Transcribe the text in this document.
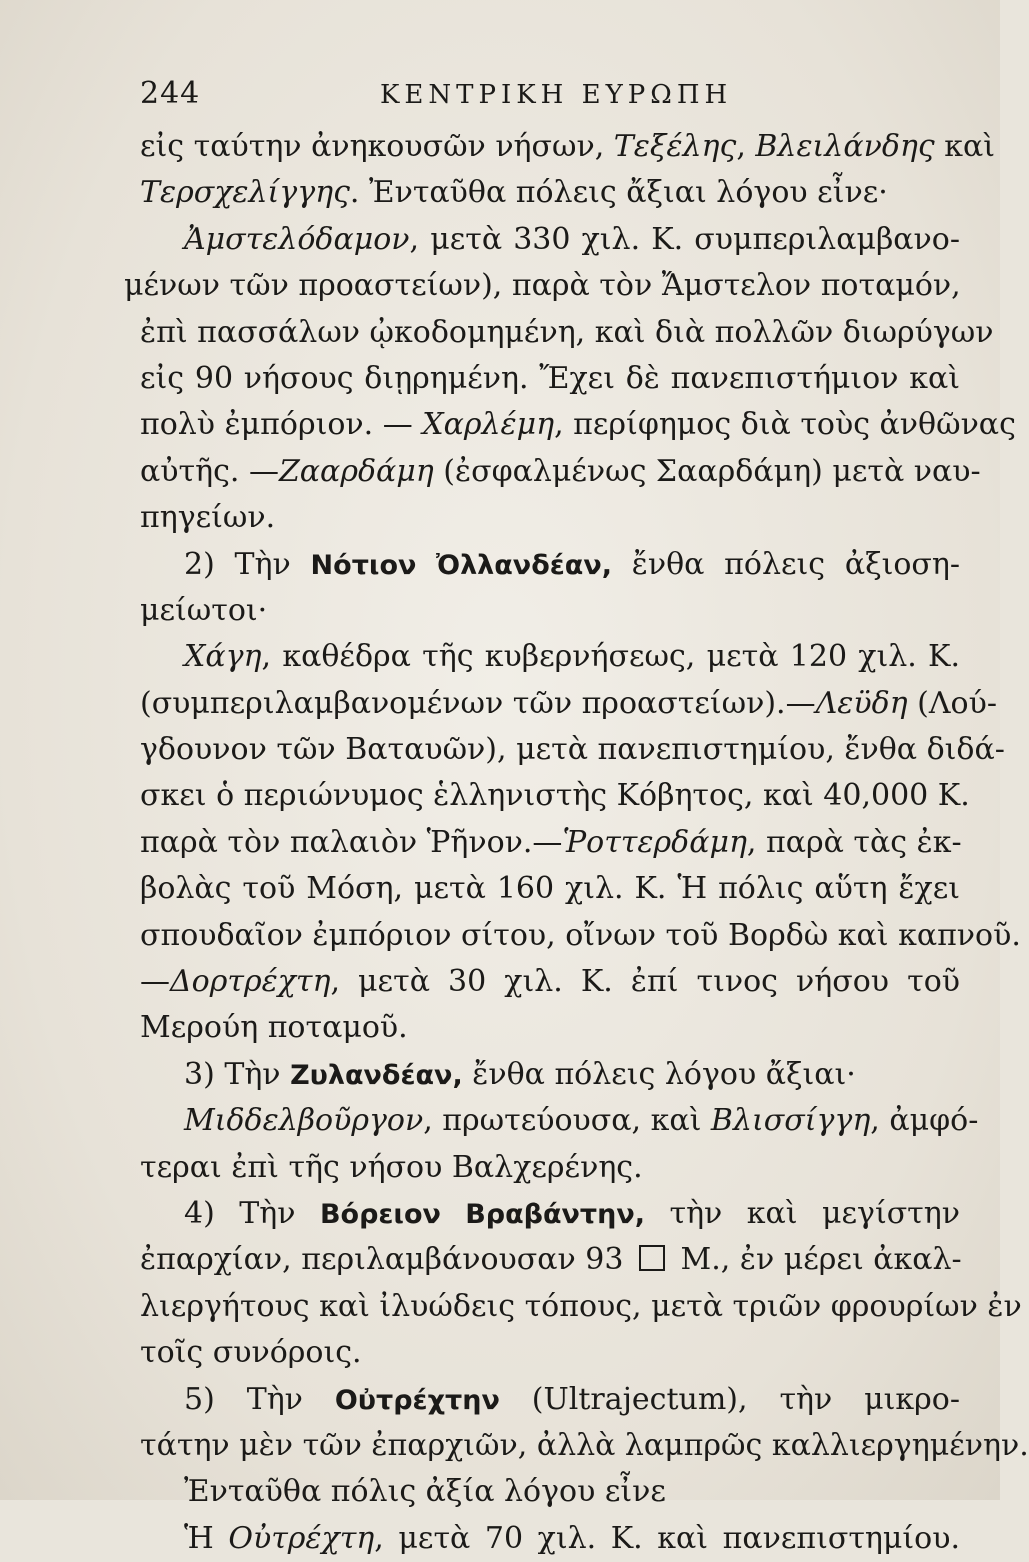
244	ΚΕΝΤΡΙΚΗ ΕΥΡΩΠΗ
εἰς ταύτην ἀνηκουσῶν νήσων, Τεξέλης, Βλειλάνδης καὶ
Τερσχελίγγης. Ἐνταῦθα πόλεις ἄξιαι λόγου εἶνε·
Ἀμστελόδαμον, μετὰ 330 χιλ. Κ. συμπεριλαμβανο-
μένων τῶν προαστείων), παρὰ τὸν Ἄμστελον ποταμόν,
ἐπὶ πασσάλων ᾠκοδομημένη, καὶ διὰ πολλῶν διωρύγων
εἰς 90 νήσους διῃρημένη. Ἔχει δὲ πανεπιστήμιον καὶ
πολὺ ἐμπόριον. — Χαρλέμη, περίφημος διὰ τοὺς ἀνθῶνας
αὐτῆς. —Ζααρδάμη (ἐσφαλμένως Σααρδάμη) μετὰ ναυ-
πηγείων.
2) Τὴν Νότιον Ὀλλανδέαν, ἔνθα πόλεις ἀξιοση-
μείωτοι·
Χάγη, καθέδρα τῆς κυβερνήσεως, μετὰ 120 χιλ. Κ.
(συμπεριλαμβανομένων τῶν προαστείων).—Λεϋδη (Λού-
γδουνον τῶν Βαταυῶν), μετὰ πανεπιστημίου, ἔνθα διδά-
σκει ὁ περιώνυμος ἑλληνιστὴς Κόβητος, καὶ 40,000 Κ.
παρὰ τὸν παλαιὸν Ῥῆνον.—Ῥοττερδάμη, παρὰ τὰς ἐκ-
βολὰς τοῦ Μόση, μετὰ 160 χιλ. Κ. Ἡ πόλις αὕτη ἔχει
σπουδαῖον ἐμπόριον σίτου, οἴνων τοῦ Βορδὼ καὶ καπνοῦ.
—Δορτρέχτη, μετὰ 30 χιλ. Κ. ἐπί τινος νήσου τοῦ
Μερούη ποταμοῦ.
3) Τὴν Ζυλανδέαν, ἔνθα πόλεις λόγου ἄξιαι·
Μιδδελβοῦργον, πρωτεύουσα, καὶ Βλισσίγγη, ἀμφό-
τεραι ἐπὶ τῆς νήσου Βαλχερένης.
4) Τὴν Βόρειον Βραβάντην, τὴν καὶ μεγίστην
ἐπαρχίαν, περιλαμβάνουσαν 93  Μ., ἐν μέρει ἀκαλ-
λιεργήτους καὶ ἰλυώδεις τόπους, μετὰ τριῶν φρουρίων ἐν
τοῖς συνόροις.
5) Τὴν Οὐτρέχτην (Ultrajectum), τὴν μικρο-
τάτην μὲν τῶν ἐπαρχιῶν, ἀλλὰ λαμπρῶς καλλιεργημένην.
Ἐνταῦθα πόλις ἀξία λόγου εἶνε
Ἡ Οὐτρέχτη, μετὰ 70 χιλ. Κ. καὶ πανεπιστημίου.
